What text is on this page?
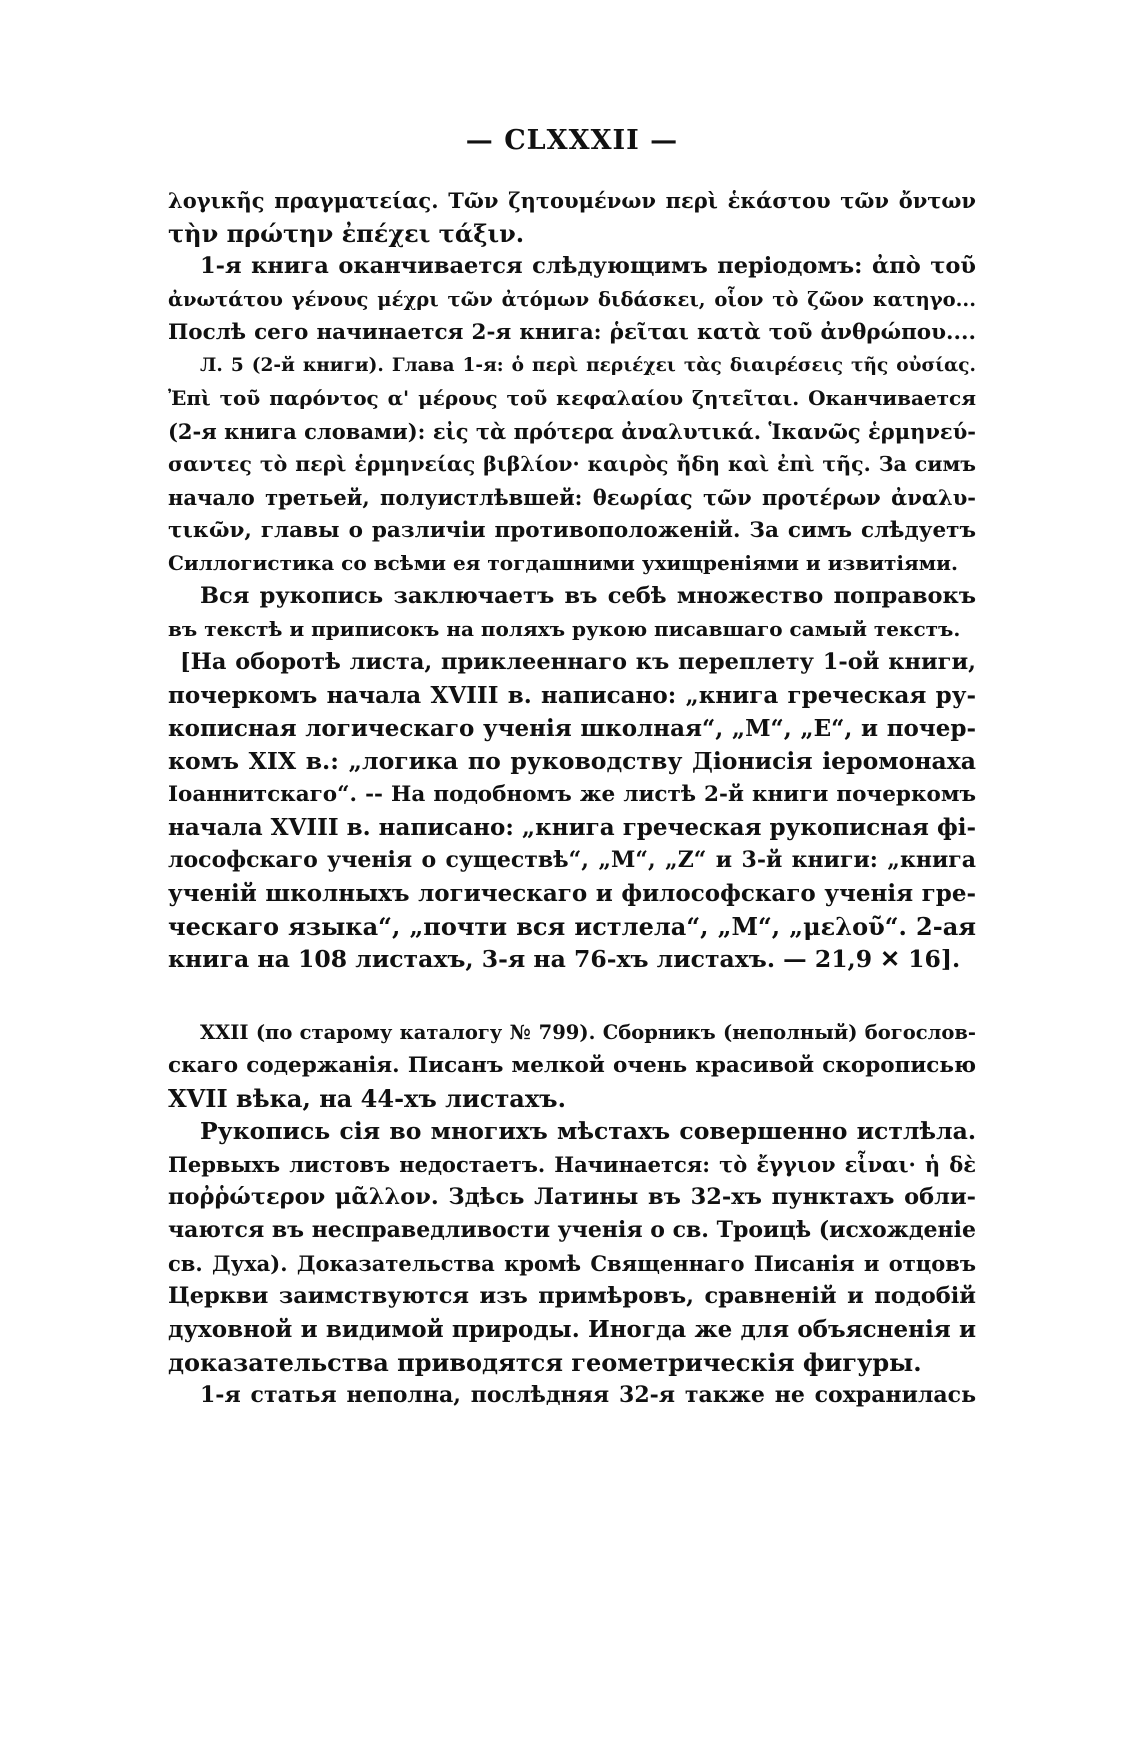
— CLXXXII —
λογικῆς πραγματείας. Τῶν ζητουμένων περὶ ἑκάστου τῶν ὄντων
τὴν πρώτην ἐπέχει τάξιν.
1-я книга оканчивается слѣдующимъ періодомъ: ἀπὸ τοῦ
ἀνωτάτου γένους μέχρι τῶν ἀτόμων διδάσκει, οἷον τὸ ζῶον κατηγο...
Послѣ сего начинается 2-я книга: ῥεῖται κατὰ τοῦ ἀνθρώπου....
Л. 5 (2-й книги). Глава 1-я: ὁ περὶ περιέχει τὰς διαιρέσεις τῆς οὐσίας.
Ἐπὶ τοῦ παρόντος α' μέρους τοῦ κεφαλαίου ζητεῖται. Оканчивается
(2-я книга словами): εἰς τὰ πρότερα ἀναλυτικά. Ἱκανῶς ἑρμηνεύ-
σαντες τὸ περὶ ἑρμηνείας βιβλίον· καιρὸς ἤδη καὶ ἐπὶ τῆς. За симъ
начало третьей, полуистлѣвшей: θεωρίας τῶν προτέρων ἀναλυ-
τικῶν, главы о различіи противоположеній. За симъ слѣдуетъ
Силлогистика со всѣми ея тогдашними ухищреніями и извитіями.
Вся рукопись заключаетъ въ себѣ множество поправокъ
въ текстѣ и приписокъ на поляхъ рукою писавшаго самый текстъ.
[На оборотѣ листа, приклееннаго къ переплету 1-ой книги,
почеркомъ начала XVIII в. написано: „книга греческая ру-
кописная логическаго ученія школная“, „М“, „Е“, и почер-
комъ XIX в.: „логика по руководству Діонисія іеромонаха
Іоаннитскаго“. -- На подобномъ же листѣ 2-й книги почеркомъ
начала XVIII в. написано: „книга греческая рукописная фі-
лософскаго ученія о существѣ“, „М“, „Z“ и 3-й книги: „книга
ученій школныхъ логическаго и философскаго ученія гре-
ческаго языка“, „почти вся истлела“, „М“, „μελοῦ“. 2-ая
книга на 108 листахъ, 3-я на 76-хъ листахъ. — 21,9 ✕ 16].
XXII (по старому каталогу № 799). Сборникъ (неполный) богослов-
скаго содержанія. Писанъ мелкой очень красивой скорописью
XVII вѣка, на 44-хъ листахъ.
Рукопись сія во многихъ мѣстахъ совершенно истлѣла.
Первыхъ листовъ недостаетъ. Начинается: τὸ ἔγγιον εἶναι· ἡ δὲ
ποῤῥώτερον μᾶλλον. Здѣсь Латины въ 32-хъ пунктахъ обли-
чаются въ несправедливости ученія о св. Троицѣ (исхожденіе
св. Духа). Доказательства кромѣ Священнаго Писанія и отцовъ
Церкви заимствуются изъ примѣровъ, сравненій и подобій
духовной и видимой природы. Иногда же для объясненія и
доказательства приводятся геометрическія фигуры.
1-я статья неполна, послѣдняя 32-я также не сохранилась
